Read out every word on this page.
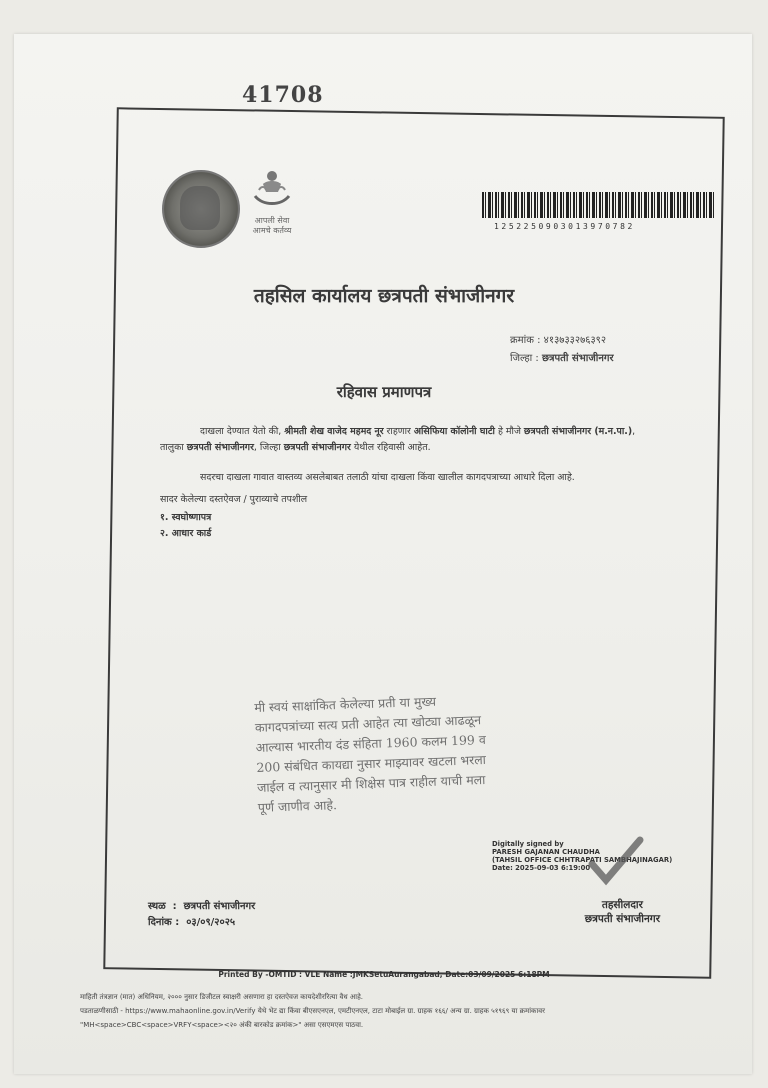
41708
आपली सेवा
आमचे कर्तव्य	1252250903013970782
तहसिल कार्यालय छत्रपती संभाजीनगर
क्रमांक : ४१३७३३२७६३९२
जिल्हा : छत्रपती संभाजीनगर
रहिवास प्रमाणपत्र
दाखला देण्यात येतो की, श्रीमती शेख वाजेद महमद नूर राहणार असिफिया कॉलोनी घाटी हे मौजे छत्रपती संभाजीनगर (म.न.पा.), तालुका छत्रपती संभाजीनगर, जिल्हा छत्रपती संभाजीनगर येथील रहिवासी आहेत.
सदरचा दाखला गावात वास्तव्य असलेबाबत तलाठी यांचा दाखला किंवा खालील कागदपत्राच्या आधारे दिला आहे.
सादर केलेल्या दस्तऐवज / पुराव्याचे तपशील
१. स्वघोष्णापत्र
२. आधार कार्ड
मी स्वयं साक्षांकित केलेल्या प्रती या मुख्य
कागदपत्रांच्या सत्य प्रती आहेत त्या खोट्या आढळून
आल्यास भारतीय दंड संहिता 1960 कलम 199 व
200 संबंधित कायद्या नुसार माझ्यावर खटला भरला
जाईल व त्यानुसार मी शिक्षेस पात्र राहील याची मला
पूर्ण जाणीव आहे.
Digitally signed by
PARESH GAJANAN CHAUDHA
(TAHSIL OFFICE CHHTRAPATI SAMBHAJINAGAR)
Date: 2025-09-03 6:19:00
स्थळ  :  छत्रपती संभाजीनगर
दिनांक :  ०३/०९/२०२५
तहसीलदार
छत्रपती संभाजीनगर
Printed By -OMTID : VLE Name :JMKSetuAurangabad, Date:03/09/2025 6:18PM
माहिती तंत्रज्ञान (मात) अधिनियम, २००० नुसार डिजीटल स्वाक्षरी असणारा हा दस्तऐवज कायदेशीररित्या वैध आहे.
पडताळणीसाठी - https://www.mahaonline.gov.in/Verify येथे भेट द्या किंवा बीएसएनएल, एमटीएनएल, टाटा मोबाईल ग्रा. ग्राहक १६६/ अन्य ग्रा. ग्राहक ५१९६९ या क्रमांकावर
"MH<space>CBC<space>VRFY<space><२० अंकी बारकोड क्रमांक>" असा एसएमएस पाठवा.
